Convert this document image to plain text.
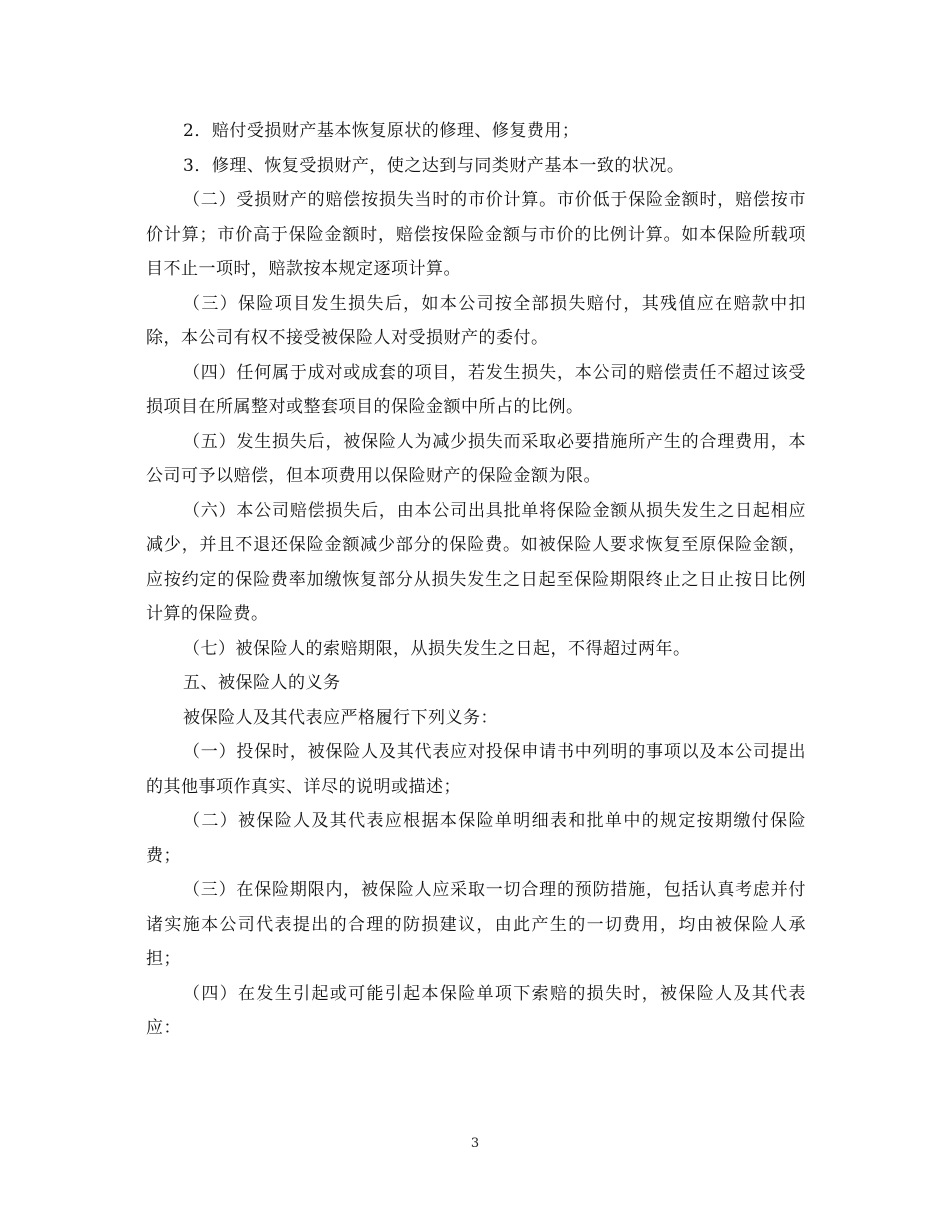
2．赔付受损财产基本恢复原状的修理、修复费用；

3．修理、恢复受损财产，使之达到与同类财产基本一致的状况。

（二）受损财产的赔偿按损失当时的市价计算。市价低于保险金额时，赔偿按市价计算；市价高于保险金额时，赔偿按保险金额与市价的比例计算。如本保险所载项目不止一项时，赔款按本规定逐项计算。

（三）保险项目发生损失后，如本公司按全部损失赔付，其残值应在赔款中扣除，本公司有权不接受被保险人对受损财产的委付。

（四）任何属于成对或成套的项目，若发生损失，本公司的赔偿责任不超过该受损项目在所属整对或整套项目的保险金额中所占的比例。

（五）发生损失后，被保险人为减少损失而采取必要措施所产生的合理费用，本公司可予以赔偿，但本项费用以保险财产的保险金额为限。

（六）本公司赔偿损失后，由本公司出具批单将保险金额从损失发生之日起相应减少，并且不退还保险金额减少部分的保险费。如被保险人要求恢复至原保险金额，应按约定的保险费率加缴恢复部分从损失发生之日起至保险期限终止之日止按日比例计算的保险费。

（七）被保险人的索赔期限，从损失发生之日起，不得超过两年。

五、被保险人的义务

被保险人及其代表应严格履行下列义务：

（一）投保时，被保险人及其代表应对投保申请书中列明的事项以及本公司提出的其他事项作真实、详尽的说明或描述；

（二）被保险人及其代表应根据本保险单明细表和批单中的规定按期缴付保险费；

（三）在保险期限内，被保险人应采取一切合理的预防措施，包括认真考虑并付诸实施本公司代表提出的合理的防损建议，由此产生的一切费用，均由被保险人承担；

（四）在发生引起或可能引起本保险单项下索赔的损失时，被保险人及其代表应：

3
